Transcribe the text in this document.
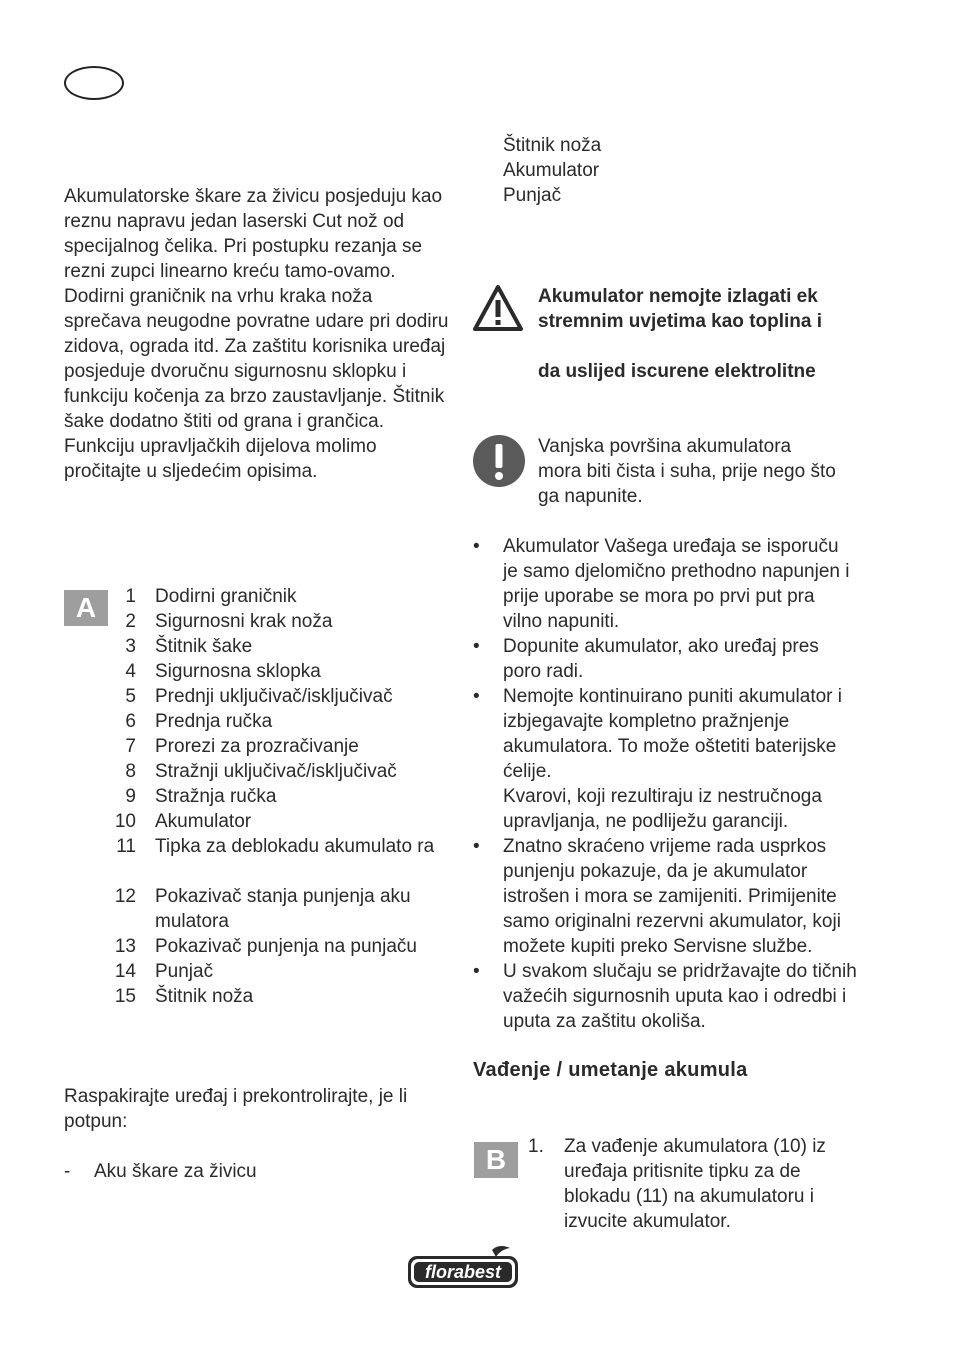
Akumulatorske škare za živicu posjeduju kao reznu napravu jedan laserski Cut nož od specijalnog čelika. Pri postupku rezanja se rezni zupci linearno kreću tamo-ovamo. Dodirni graničnik na vrhu kraka noža sprečava neugodne povratne udare pri dodiru zidova, ograda itd. Za zaštitu korisnika uređaj posjeduje dvoručnu sigurnosnu sklopku i funkciju kočenja za brzo zaustavljanje. Štitnik šake dodatno štiti od grana i grančica.

Funkciju upravljačkih dijelova molimo pročitajte u sljedećim opisima.

A	1	Dodirni graničnik
2	Sigurnosni krak noža
3	Štitnik šake
4	Sigurnosna sklopka
5	Prednji uključivač/isključivač
6	Prednja ručka
7	Prorezi za prozračivanje
8	Stražnji uključivač/isključivač
9	Stražnja ručka
10	Akumulator
11	Tipka za deblokadu akumulato ra
12	Pokazivač stanja punjenja aku mulatora
13	Pokazivač punjenja na punjaču
14	Punjač
15	Štitnik noža

Raspakirajte uređaj i prekontrolirajte, je li potpun:

-	Aku škare za živicu
Štitnik noža
Akumulator
Punjač
Akumulator nemojte izlagati ek
stremnim uvjetima kao toplina i
da uslijed iscurene elektrolitne
Vanjska površina akumulatora mora biti čista i suha, prije nego što ga napunite.
• Akumulator Vašega uređaja se isporuču je samo djelomično prethodno napunjen i prije uporabe se mora po prvi put pra vilno napuniti.
• Dopunite akumulator, ako uređaj pres poro radi.
• Nemojte kontinuirano puniti akumulator i izbjegavajte kompletno pražnjenje akumulatora. To može oštetiti baterijske ćelije.
Kvarovi, koji rezultiraju iz nestručnoga upravljanja, ne podliježu garanciji.
• Znatno skraćeno vrijeme rada usprkos punjenju pokazuje, da je akumulator istrošen i mora se zamijeniti. Primijenite samo originalni rezervni akumulator, koji možete kupiti preko Servisne službe.
• U svakom slučaju se pridržavajte do tičnih važećih sigurnosnih uputa kao i odredbi i uputa za zaštitu okoliša.
Vađenje / umetanje akumula
B	1.	Za vađenje akumulatora (10) iz uređaja pritisnite tipku za de blokadu (11) na akumulatoru i izvucite akumulator.
florabest
